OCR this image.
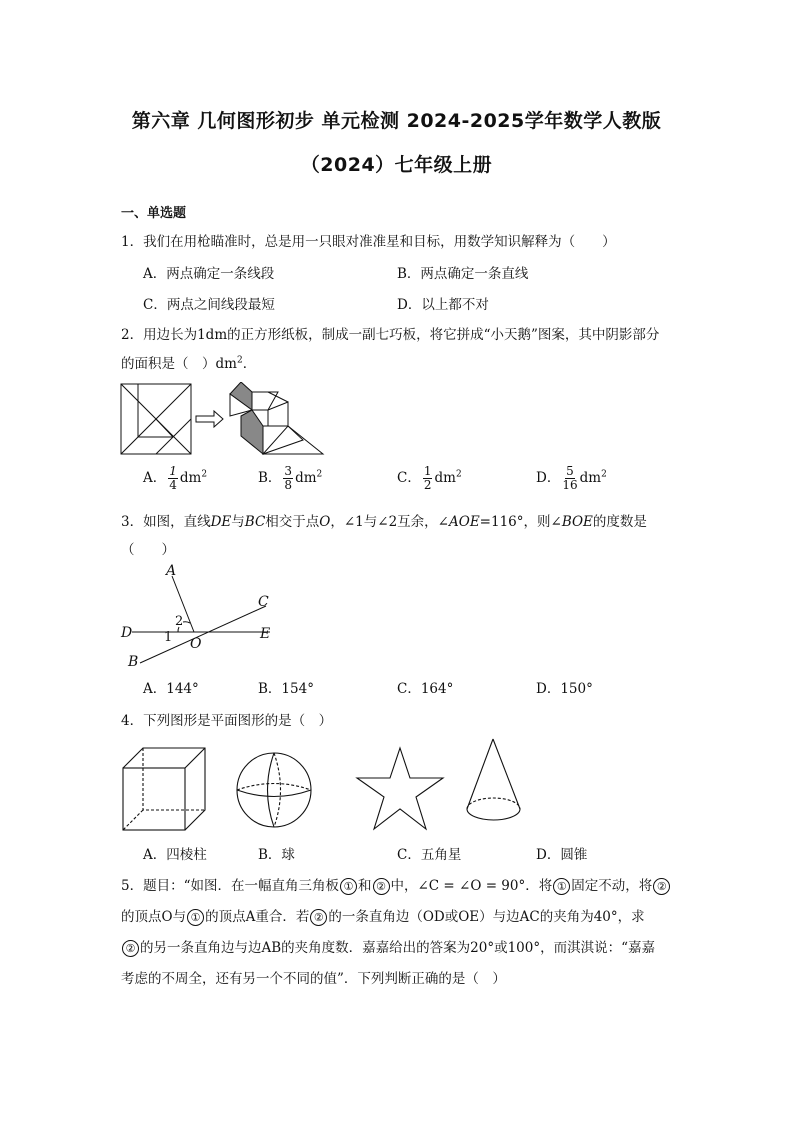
第六章 几何图形初步 单元检测 2024-2025学年数学人教版
（2024）七年级上册
一、单选题
1．我们在用枪瞄准时，总是用一只眼对准准星和目标，用数学知识解释为（　　）
A．两点确定一条线段	B．两点确定一条直线
C．两点之间线段最短	D．以上都不对
2．用边长为1dm的正方形纸板，制成一副七巧板，将它拼成“小天鹅”图案，其中阴影部分
的面积是（　）$dm^2$．
A． $\frac{1}{4} dm^2$	B． $\frac{3}{8} dm^2$	C． $\frac{1}{2} dm^2$	D． $\frac{5}{16} dm^2$
3．如图，直线DE与BC相交于点O，∠1与∠2互余，∠AOE=116°，则∠BOE的度数是
（　　）
A
C
D	E
B
O
1
2
A．144°	B．154°	C．164°	D．150°
4．下列图形是平面图形的是（　）
A．四棱柱	B．球	C．五角星	D．圆锥
5．题目：“如图．在一幅直角三角板 ① 和 ② 中，∠C = ∠O = 90°．将 ① 固定不动，将 ②
的顶点O与 ① 的顶点A重合．若 ② 的一条直角边（OD或OE）与边AC的夹角为40°，求
② 的另一条直角边与边AB的夹角度数．嘉嘉给出的答案为20°或100°，而淇淇说：“嘉嘉
考虑的不周全，还有另一个不同的值”．下列判断正确的是（　）
